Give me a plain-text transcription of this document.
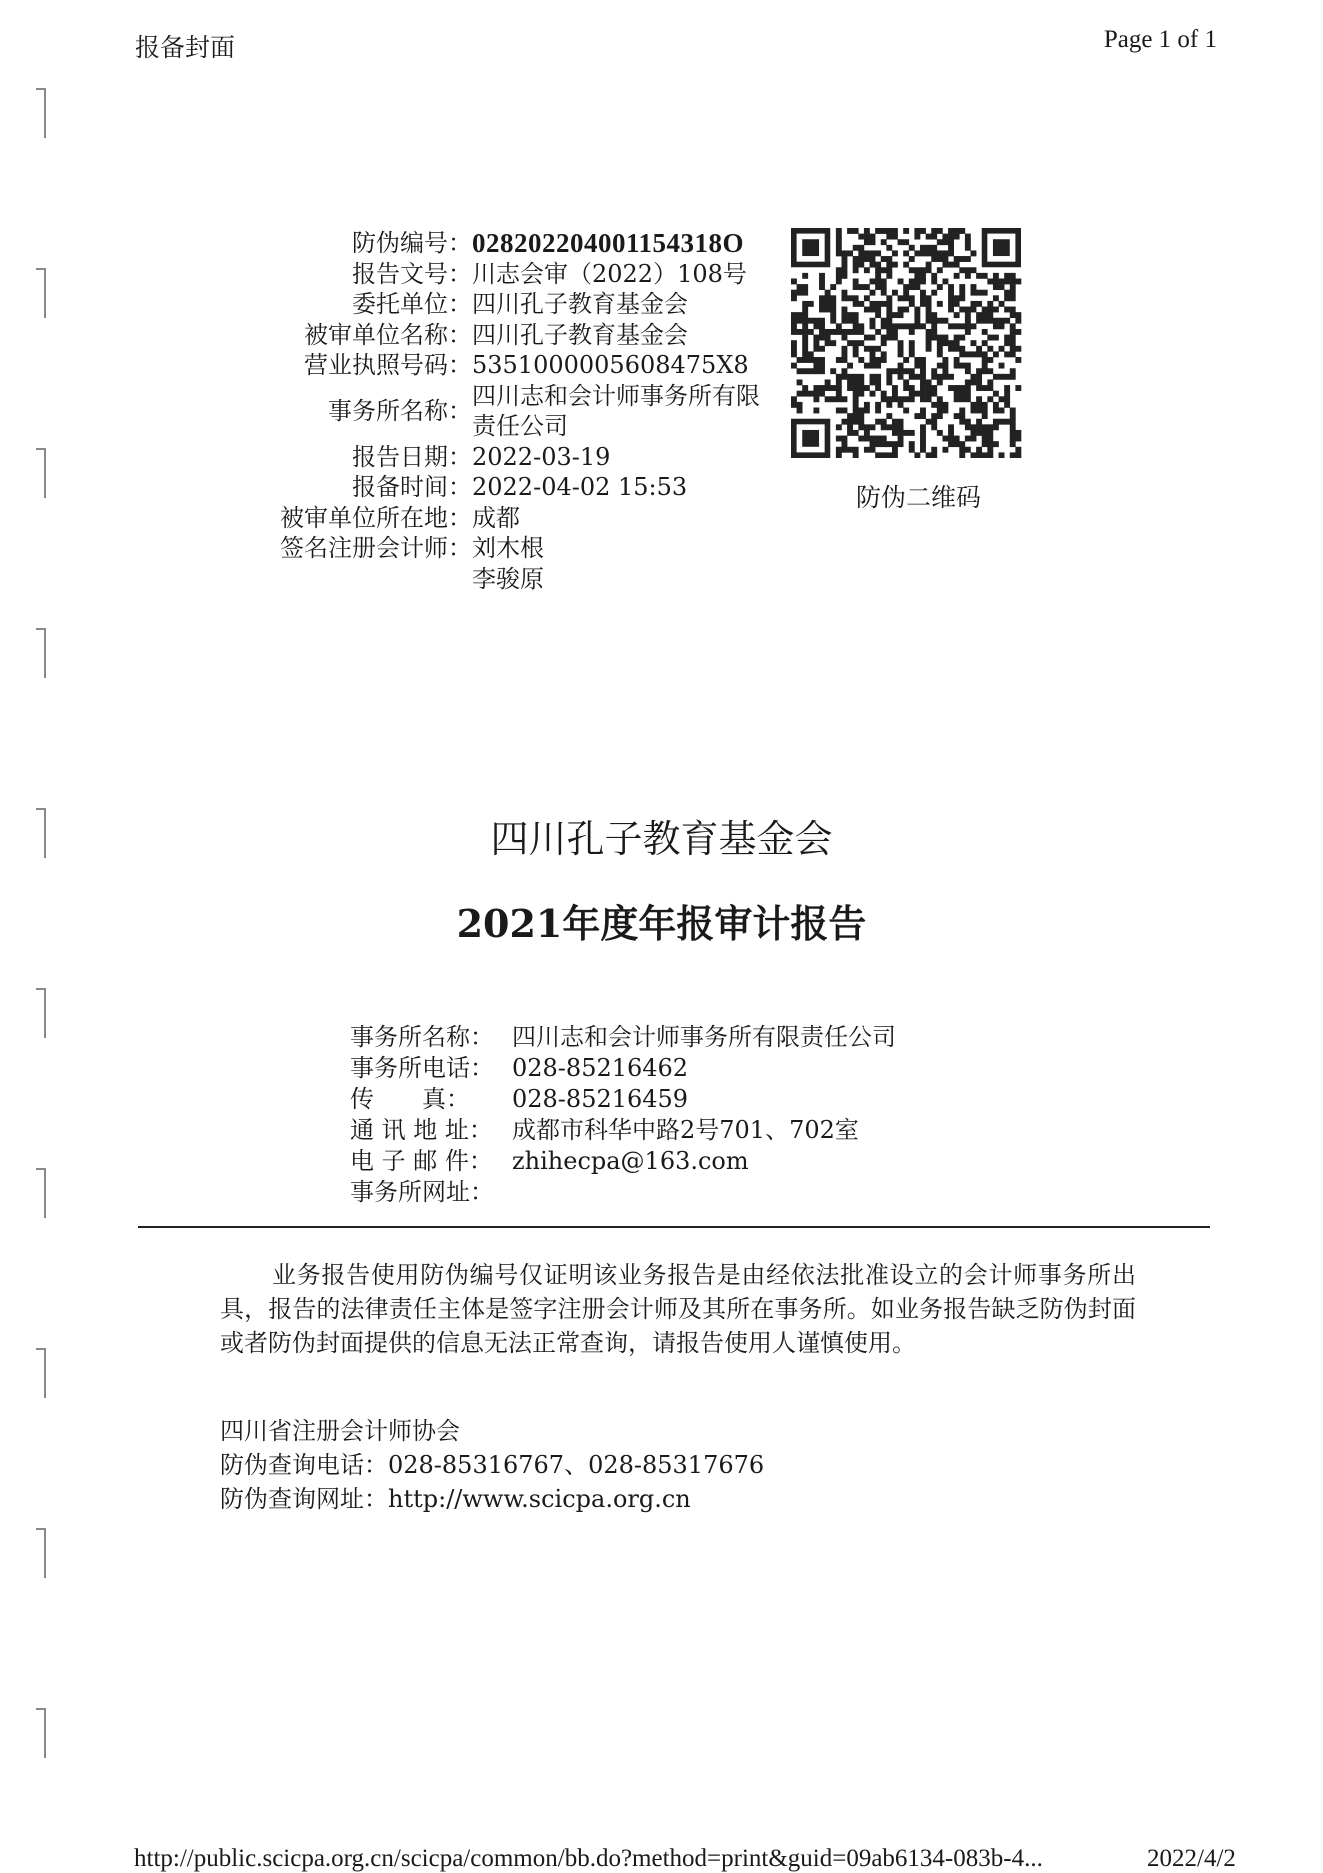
报备封面	Page 1 of 1
防伪编号： 028202204001154318O
报告文号： 川志会审（2022）108号
委托单位： 四川孔子教育基金会
被审单位名称： 四川孔子教育基金会
营业执照号码： 5351000005608475X8
事务所名称：
四川志和会计师事务所有限责任公司
报告日期： 2022-03-19
报备时间： 2022-04-02 15:53
被审单位所在地： 成都
签名注册会计师： 刘木根
李骏原
防伪二维码
四川孔子教育基金会
2021年度年报审计报告
事务所名称： 四川志和会计师事务所有限责任公司
事务所电话： 028-85216462
传　　真：	028-85216459
通 讯 地 址： 成都市科华中路2号701、702室
电 子 邮 件： zhihecpa@163.com
事务所网址：
业务报告使用防伪编号仅证明该业务报告是由经依法批准设立的会计师事务所出具，报告的法律责任主体是签字注册会计师及其所在事务所。如业务报告缺乏防伪封面或者防伪封面提供的信息无法正常查询，请报告使用人谨慎使用。
四川省注册会计师协会
防伪查询电话：028-85316767、028-85317676
防伪查询网址：http://www.scicpa.org.cn
http://public.scicpa.org.cn/scicpa/common/bb.do?method=print&guid=09ab6134-083b-4...	2022/4/2
